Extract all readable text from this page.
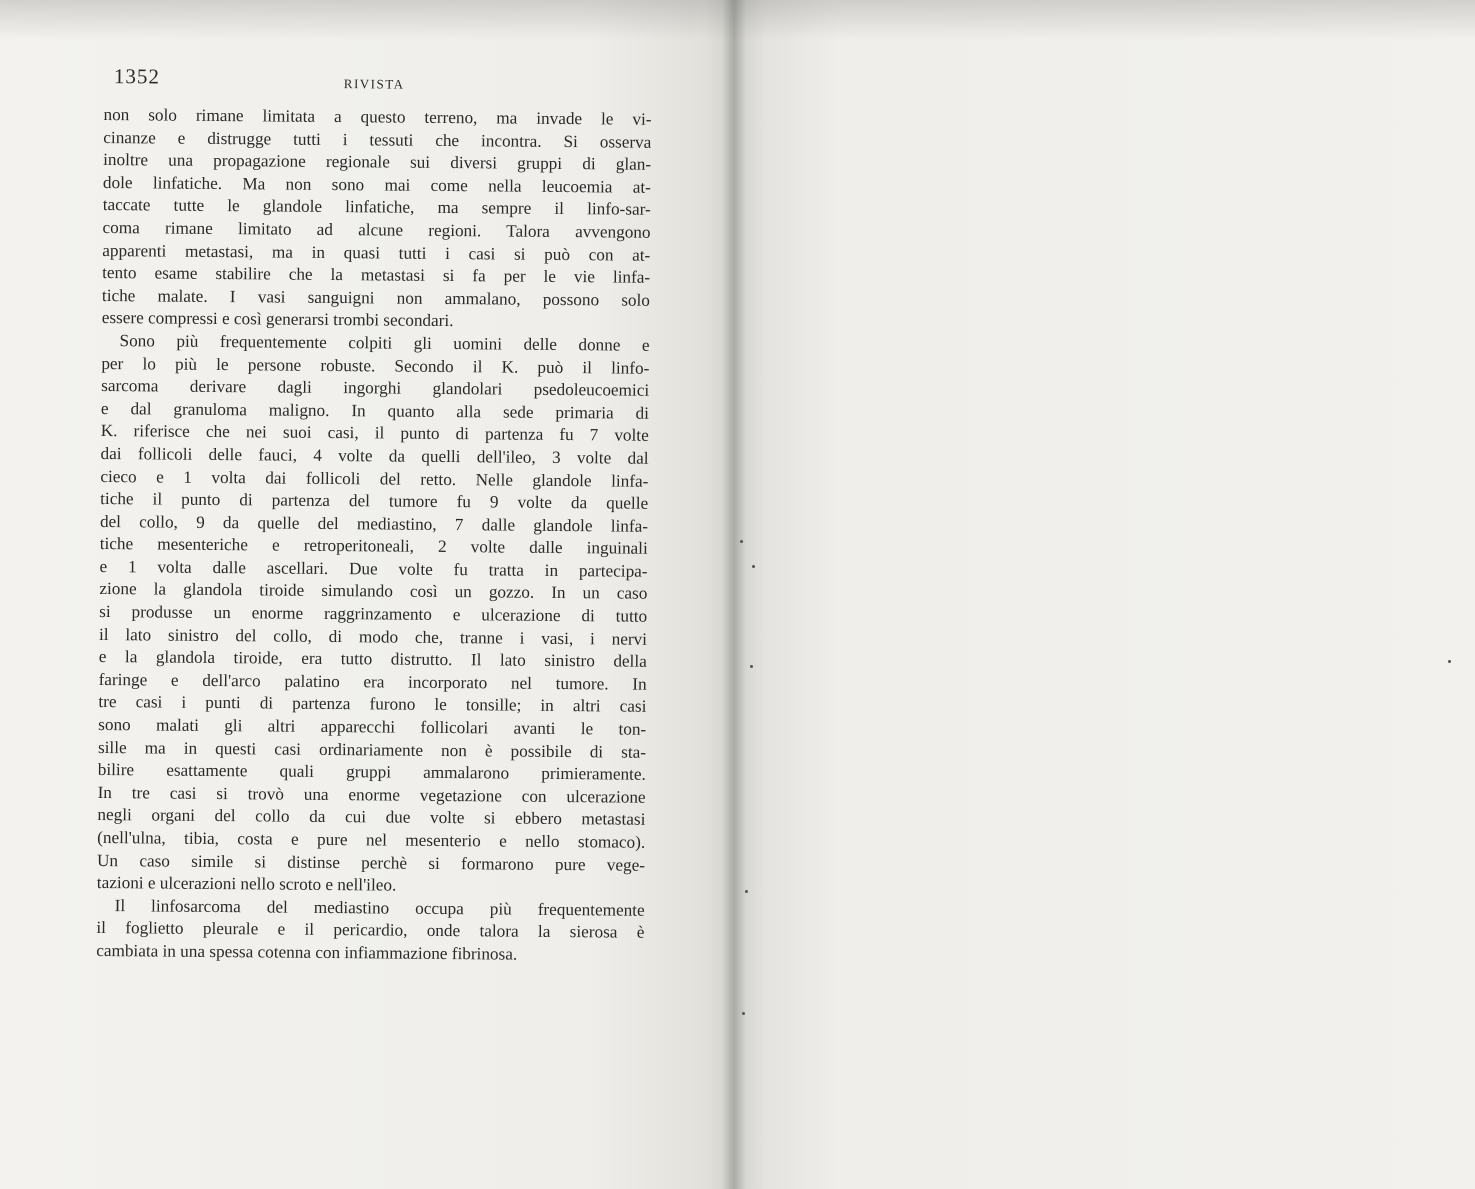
1352	RIVISTA
non solo rimane limitata a questo terreno, ma invade le vi-
cinanze e distrugge tutti i tessuti che incontra. Si osserva
inoltre una propagazione regionale sui diversi gruppi di glan-
dole linfatiche. Ma non sono mai come nella leucoemia at-
taccate tutte le glandole linfatiche, ma sempre il linfo-sar-
coma rimane limitato ad alcune regioni. Talora avvengono
apparenti metastasi, ma in quasi tutti i casi si può con at-
tento esame stabilire che la metastasi si fa per le vie linfa-
tiche malate. I vasi sanguigni non ammalano, possono solo
essere compressi e così generarsi trombi secondari.
Sono più frequentemente colpiti gli uomini delle donne e
per lo più le persone robuste. Secondo il K. può il linfo-
sarcoma derivare dagli ingorghi glandolari psedoleucoemici
e dal granuloma maligno. In quanto alla sede primaria di
K. riferisce che nei suoi casi, il punto di partenza fu 7 volte
dai follicoli delle fauci, 4 volte da quelli dell'ileo, 3 volte dal
cieco e 1 volta dai follicoli del retto. Nelle glandole linfa-
tiche il punto di partenza del tumore fu 9 volte da quelle
del collo, 9 da quelle del mediastino, 7 dalle glandole linfa-
tiche mesenteriche e retroperitoneali, 2 volte dalle inguinali
e 1 volta dalle ascellari. Due volte fu tratta in partecipa-
zione la glandola tiroide simulando così un gozzo. In un caso
si produsse un enorme raggrinzamento e ulcerazione di tutto
il lato sinistro del collo, di modo che, tranne i vasi, i nervi
e la glandola tiroide, era tutto distrutto. Il lato sinistro della
faringe e dell'arco palatino era incorporato nel tumore. In
tre casi i punti di partenza furono le tonsille; in altri casi
sono malati gli altri apparecchi follicolari avanti le ton-
sille ma in questi casi ordinariamente non è possibile di sta-
bilire esattamente quali gruppi ammalarono primieramente.
In tre casi si trovò una enorme vegetazione con ulcerazione
negli organi del collo da cui due volte si ebbero metastasi
(nell'ulna, tibia, costa e pure nel mesenterio e nello stomaco).
Un caso simile si distinse perchè si formarono pure vege-
tazioni e ulcerazioni nello scroto e nell'ileo.
Il linfosarcoma del mediastino occupa più frequentemente
il foglietto pleurale e il pericardio, onde talora la sierosa è
cambiata in una spessa cotenna con infiammazione fibrinosa.
